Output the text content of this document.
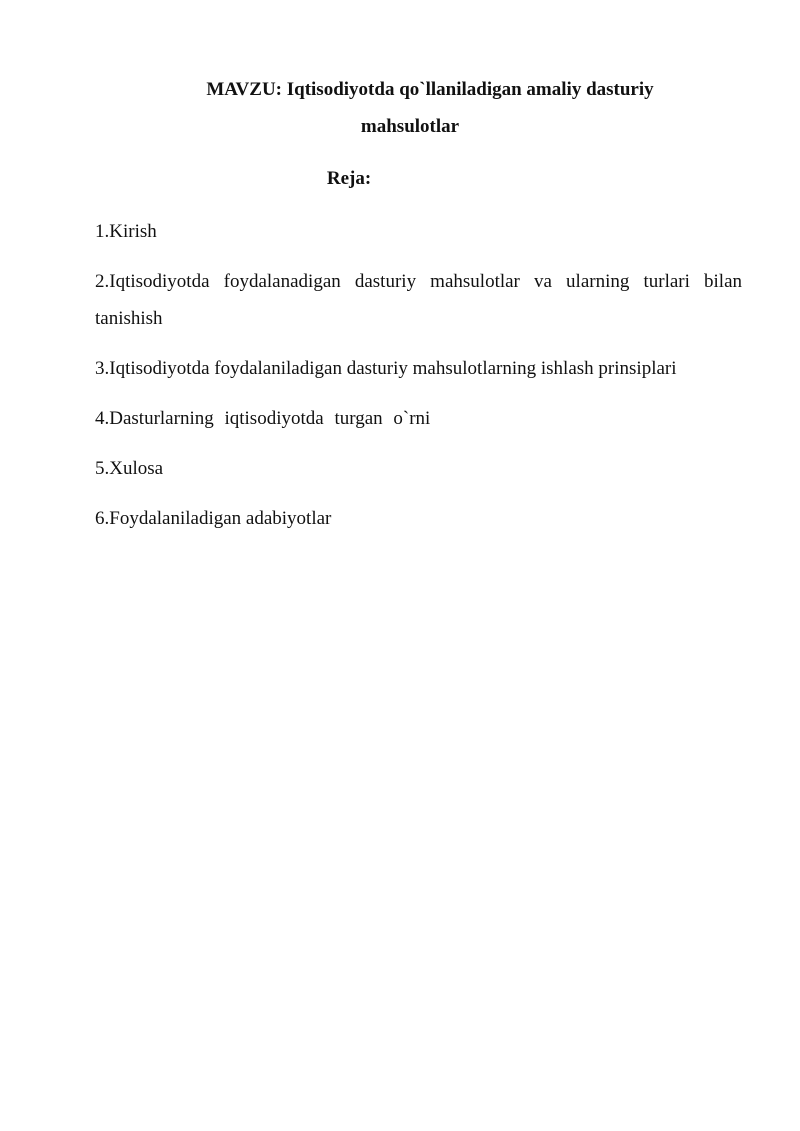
MAVZU: Iqtisodiyotda qo`llaniladigan amaliy dasturiy
mahsulotlar
Reja:
1.Kirish
2.Iqtisodiyotda foydalanadigan dasturiy mahsulotlar va ularning turlari bilan tanishish
3.Iqtisodiyotda foydalaniladigan dasturiy mahsulotlarning ishlash prinsiplari
4.Dasturlarning iqtisodiyotda turgan o`rni
5.Xulosa
6.Foydalaniladigan adabiyotlar
